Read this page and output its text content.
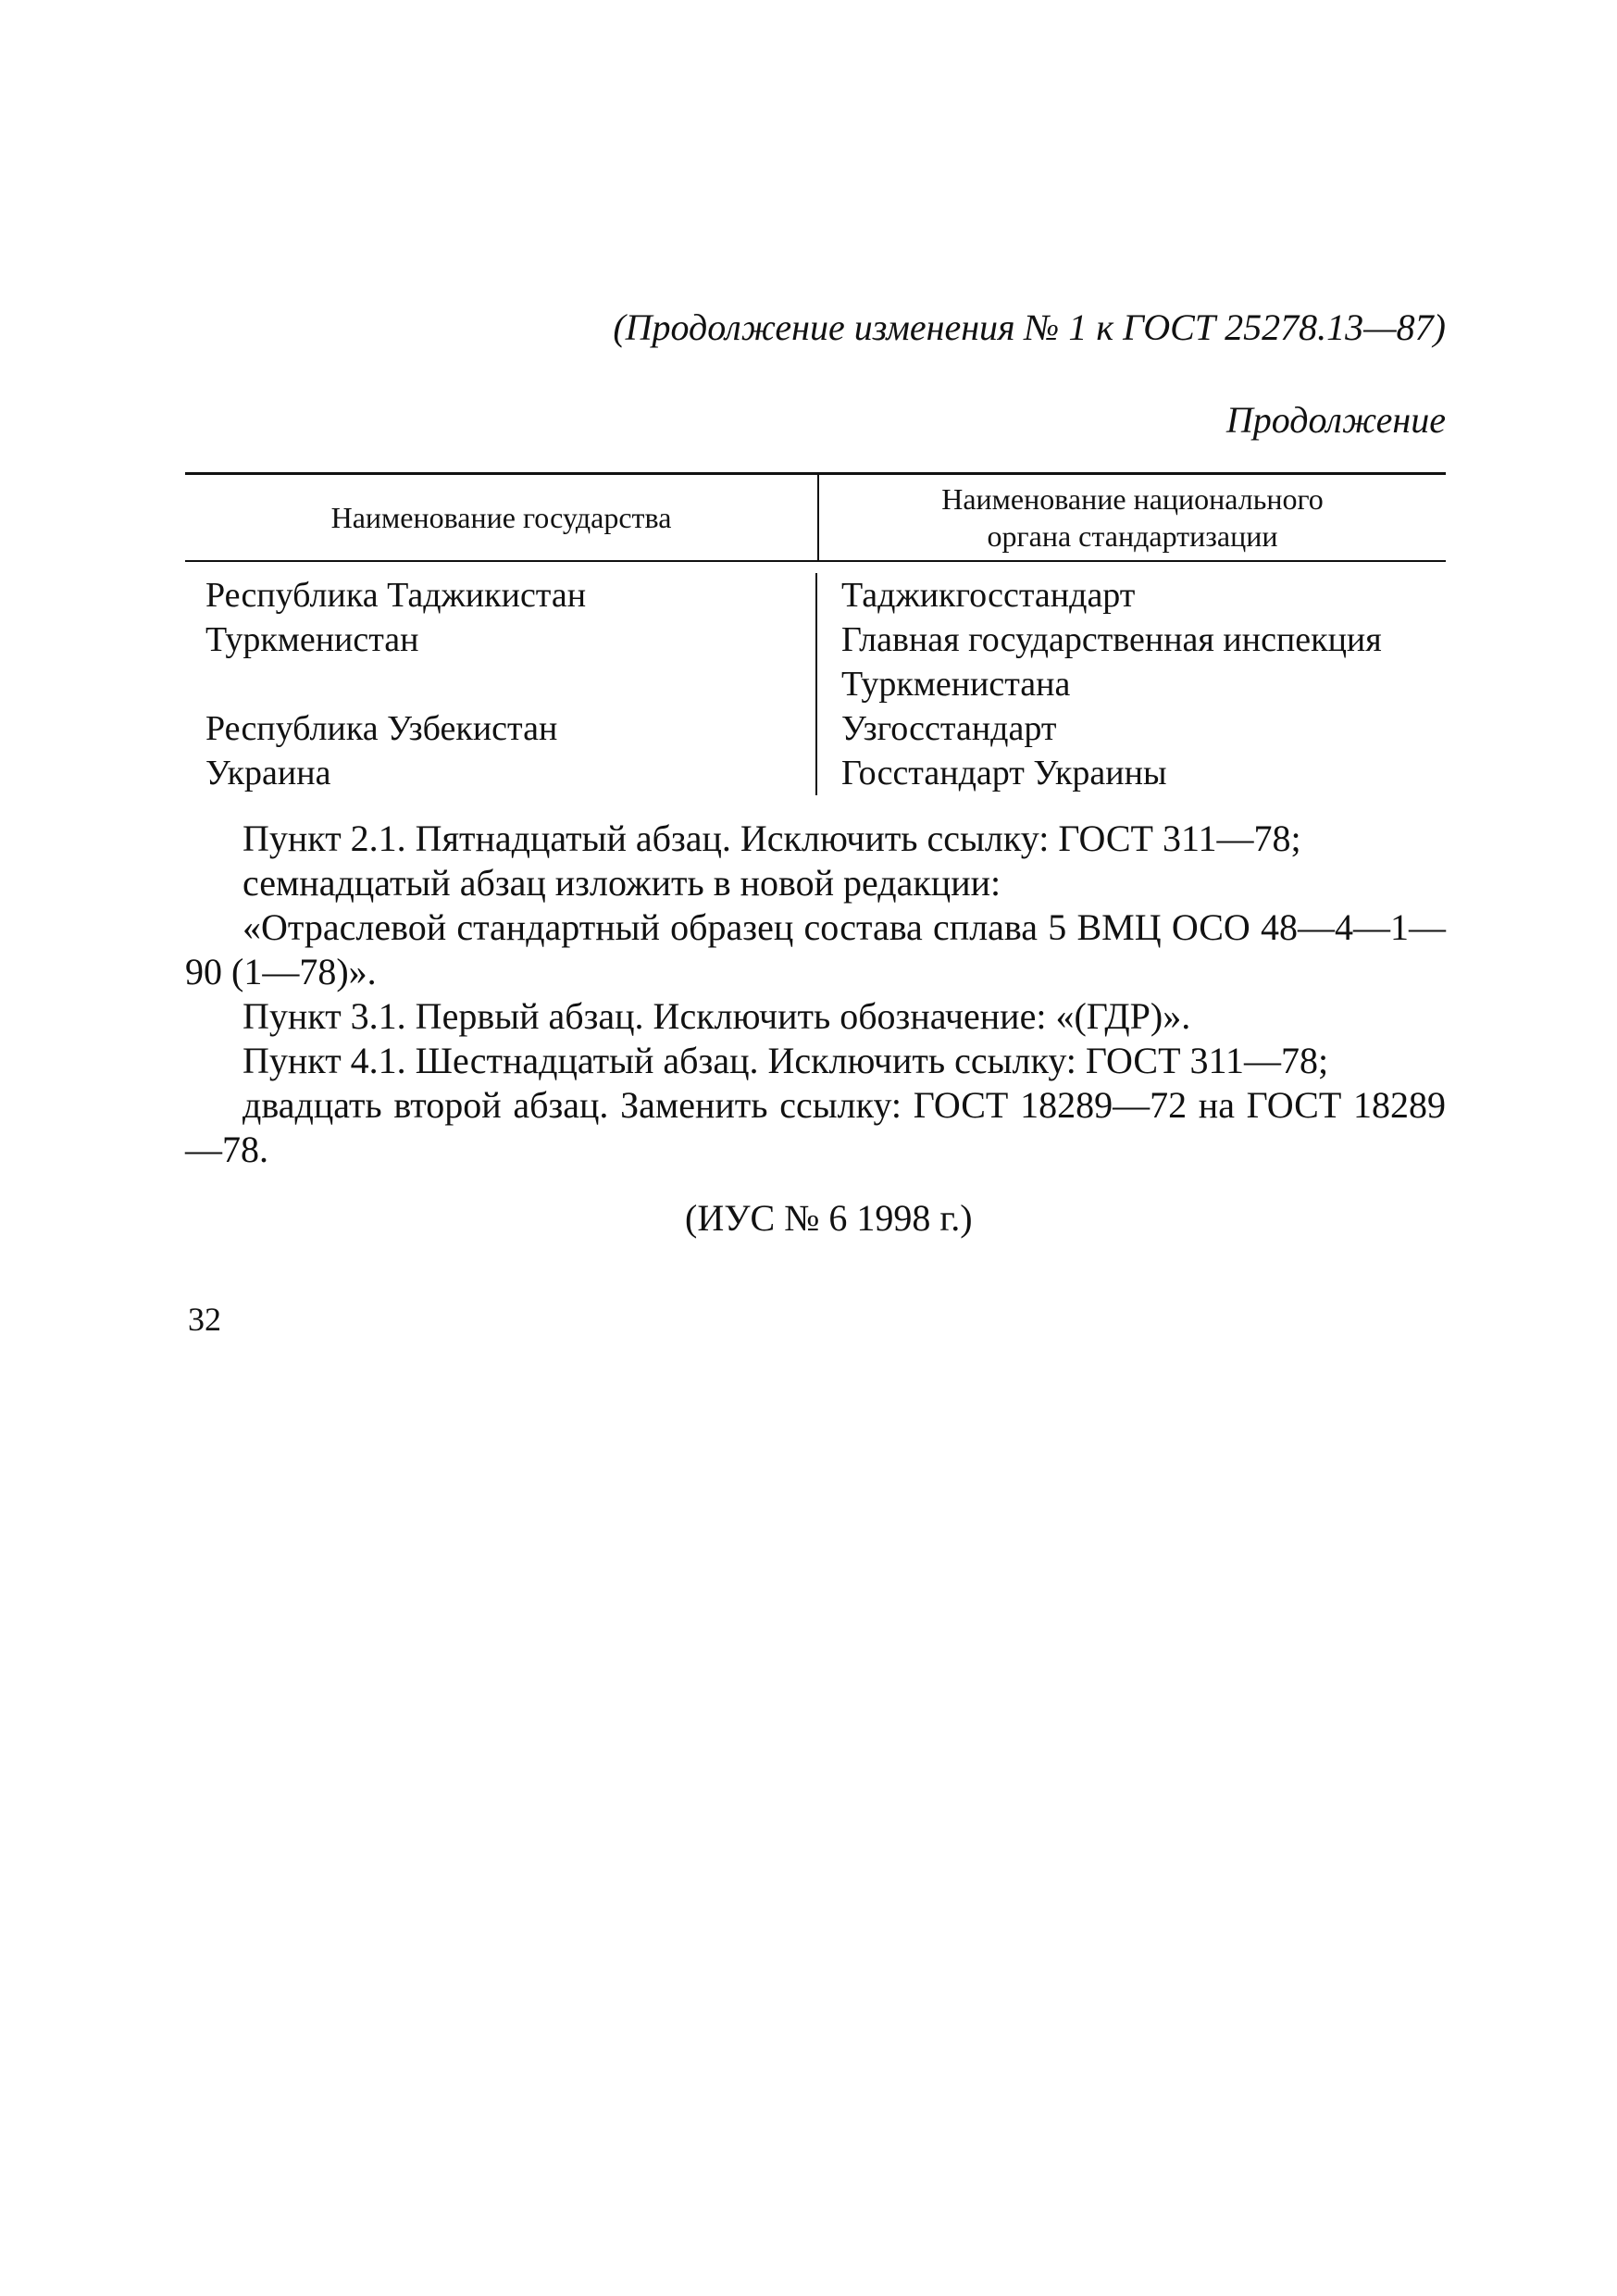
(Продолжение изменения № 1 к ГОСТ 25278.13—87)
Продолжение
Наименование государства
Наименование национального
органа стандартизации
Республика Таджикистан
Туркменистан
Республика Узбекистан
Украина
Таджикгосстандарт
Главная государственная инспекция
Туркменистана
Узгосстандарт
Госстандарт Украины

Пункт 2.1. Пятнадцатый абзац. Исключить ссылку: ГОСТ 311—78;

семнадцатый абзац изложить в новой редакции:

«Отраслевой стандартный образец состава сплава 5 ВМЦ ОСО 48—4—1—90 (1—78)».

Пункт 3.1. Первый абзац. Исключить обозначение: «(ГДР)».

Пункт 4.1. Шестнадцатый абзац. Исключить ссылку: ГОСТ 311—78;

двадцать второй абзац. Заменить ссылку: ГОСТ 18289—72 на ГОСТ 18289—78.

(ИУС № 6 1998 г.)
32
